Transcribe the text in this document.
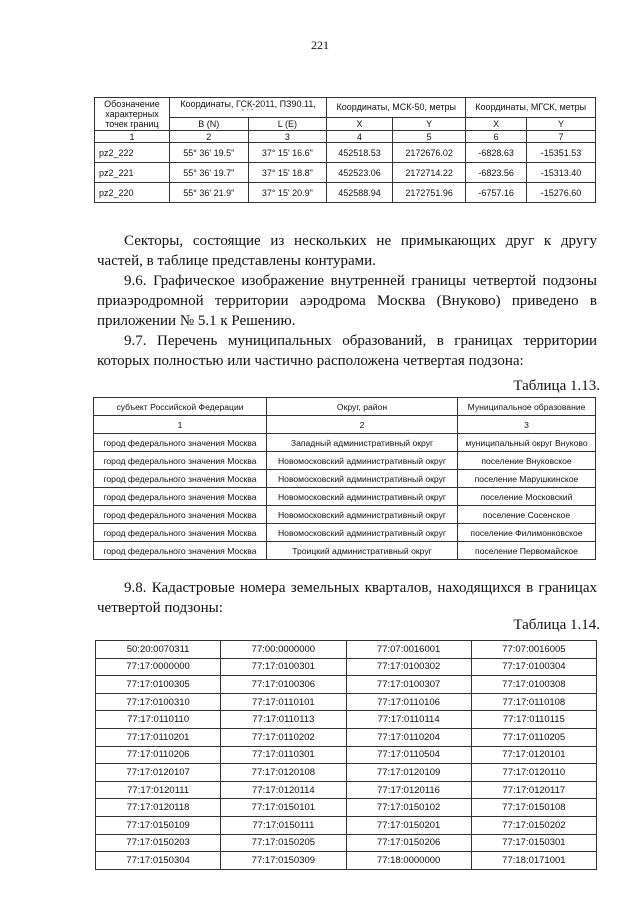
221
Обозначение характерных точек границ	Координаты, ГСК-2011, ПЗ90.11,
° ' "		Координаты, МСК-50, метры		Координаты, МГСК, метры	
	B (N)	L (E)	X	Y	X	Y
1	2	3	4	5	6	7
pz2_222	55° 36' 19.5"	37° 15' 16.6"	452518.53	2172676.02	-6828.63	-15351.53
pz2_221	55° 36' 19.7"	37° 15' 18.8"	452523.06	2172714.22	-6823.56	-15313.40
pz2_220	55° 36' 21.9"	37° 15' 20.9"	452588.94	2172751.96	-6757.16	-15276.60

Секторы, состоящие из нескольких не примыкающих друг к другу частей, в таблице представлены контурами.

9.6. Графическое изображение внутренней границы четвертой подзоны приаэродромной территории аэродрома Москва (Внуково) приведено в приложении № 5.1 к Решению.

9.7. Перечень муниципальных образований, в границах территории которых полностью или частично расположена четвертая подзона:

Таблица 1.13.
субъект Российской Федерации	Округ, район	Муниципальное образование
1	2	3
город федерального значения Москва	Западный административный округ	муниципальный округ Внуково
город федерального значения Москва	Новомосковский административный округ	поселение Внуковское
город федерального значения Москва	Новомосковский административный округ	поселение Марушкинское
город федерального значения Москва	Новомосковский административный округ	поселение Московский
город федерального значения Москва	Новомосковский административный округ	поселение Сосенское
город федерального значения Москва	Новомосковский административный округ	поселение Филимонковское
город федерального значения Москва	Троицкий административный округ	поселение Первомайское

9.8. Кадастровые номера земельных кварталов, находящихся в границах четвертой подзоны:

Таблица 1.14.
50:20:0070311	77:00:0000000	77:07:0016001	77:07:0016005
77:17:0000000	77:17:0100301	77:17:0100302	77:17:0100304
77:17:0100305	77:17:0100306	77:17:0100307	77:17:0100308
77:17:0100310	77:17:0110101	77:17:0110106	77:17:0110108
77:17:0110110	77:17:0110113	77:17:0110114	77:17:0110115
77:17:0110201	77:17:0110202	77:17:0110204	77:17:0110205
77:17:0110206	77:17:0110301	77:17:0110504	77:17:0120101
77:17:0120107	77:17:0120108	77:17:0120109	77:17:0120110
77:17:0120111	77:17:0120114	77:17:0120116	77:17:0120117
77:17:0120118	77:17:0150101	77:17:0150102	77:17:0150108
77:17:0150109	77:17:0150111	77:17:0150201	77:17:0150202
77:17:0150203	77:17:0150205	77:17:0150206	77:17:0150301
77:17:0150304	77:17:0150309	77:18:0000000	77:18:0171001
